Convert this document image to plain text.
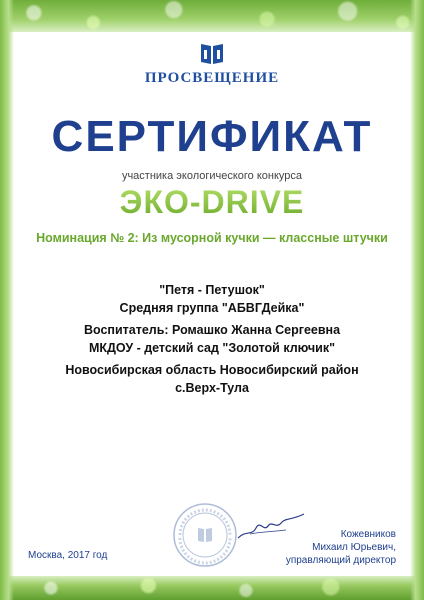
ПРОСВЕЩЕНИЕ
СЕРТИФИКАТ
участника экологического конкурса
ЭКО-DRIVE
Номинация № 2: Из мусорной кучки — классные штучки
"Петя - Петушок"
Средняя группа "АБВГДейка"
Воспитатель: Ромашко Жанна Сергеевна
МКДОУ - детский сад "Золотой ключик"
Новосибирская область Новосибирский район
с.Верх-Тула
Москва, 2017 год
Кожевников
Михаил Юрьевич,
управляющий директор
